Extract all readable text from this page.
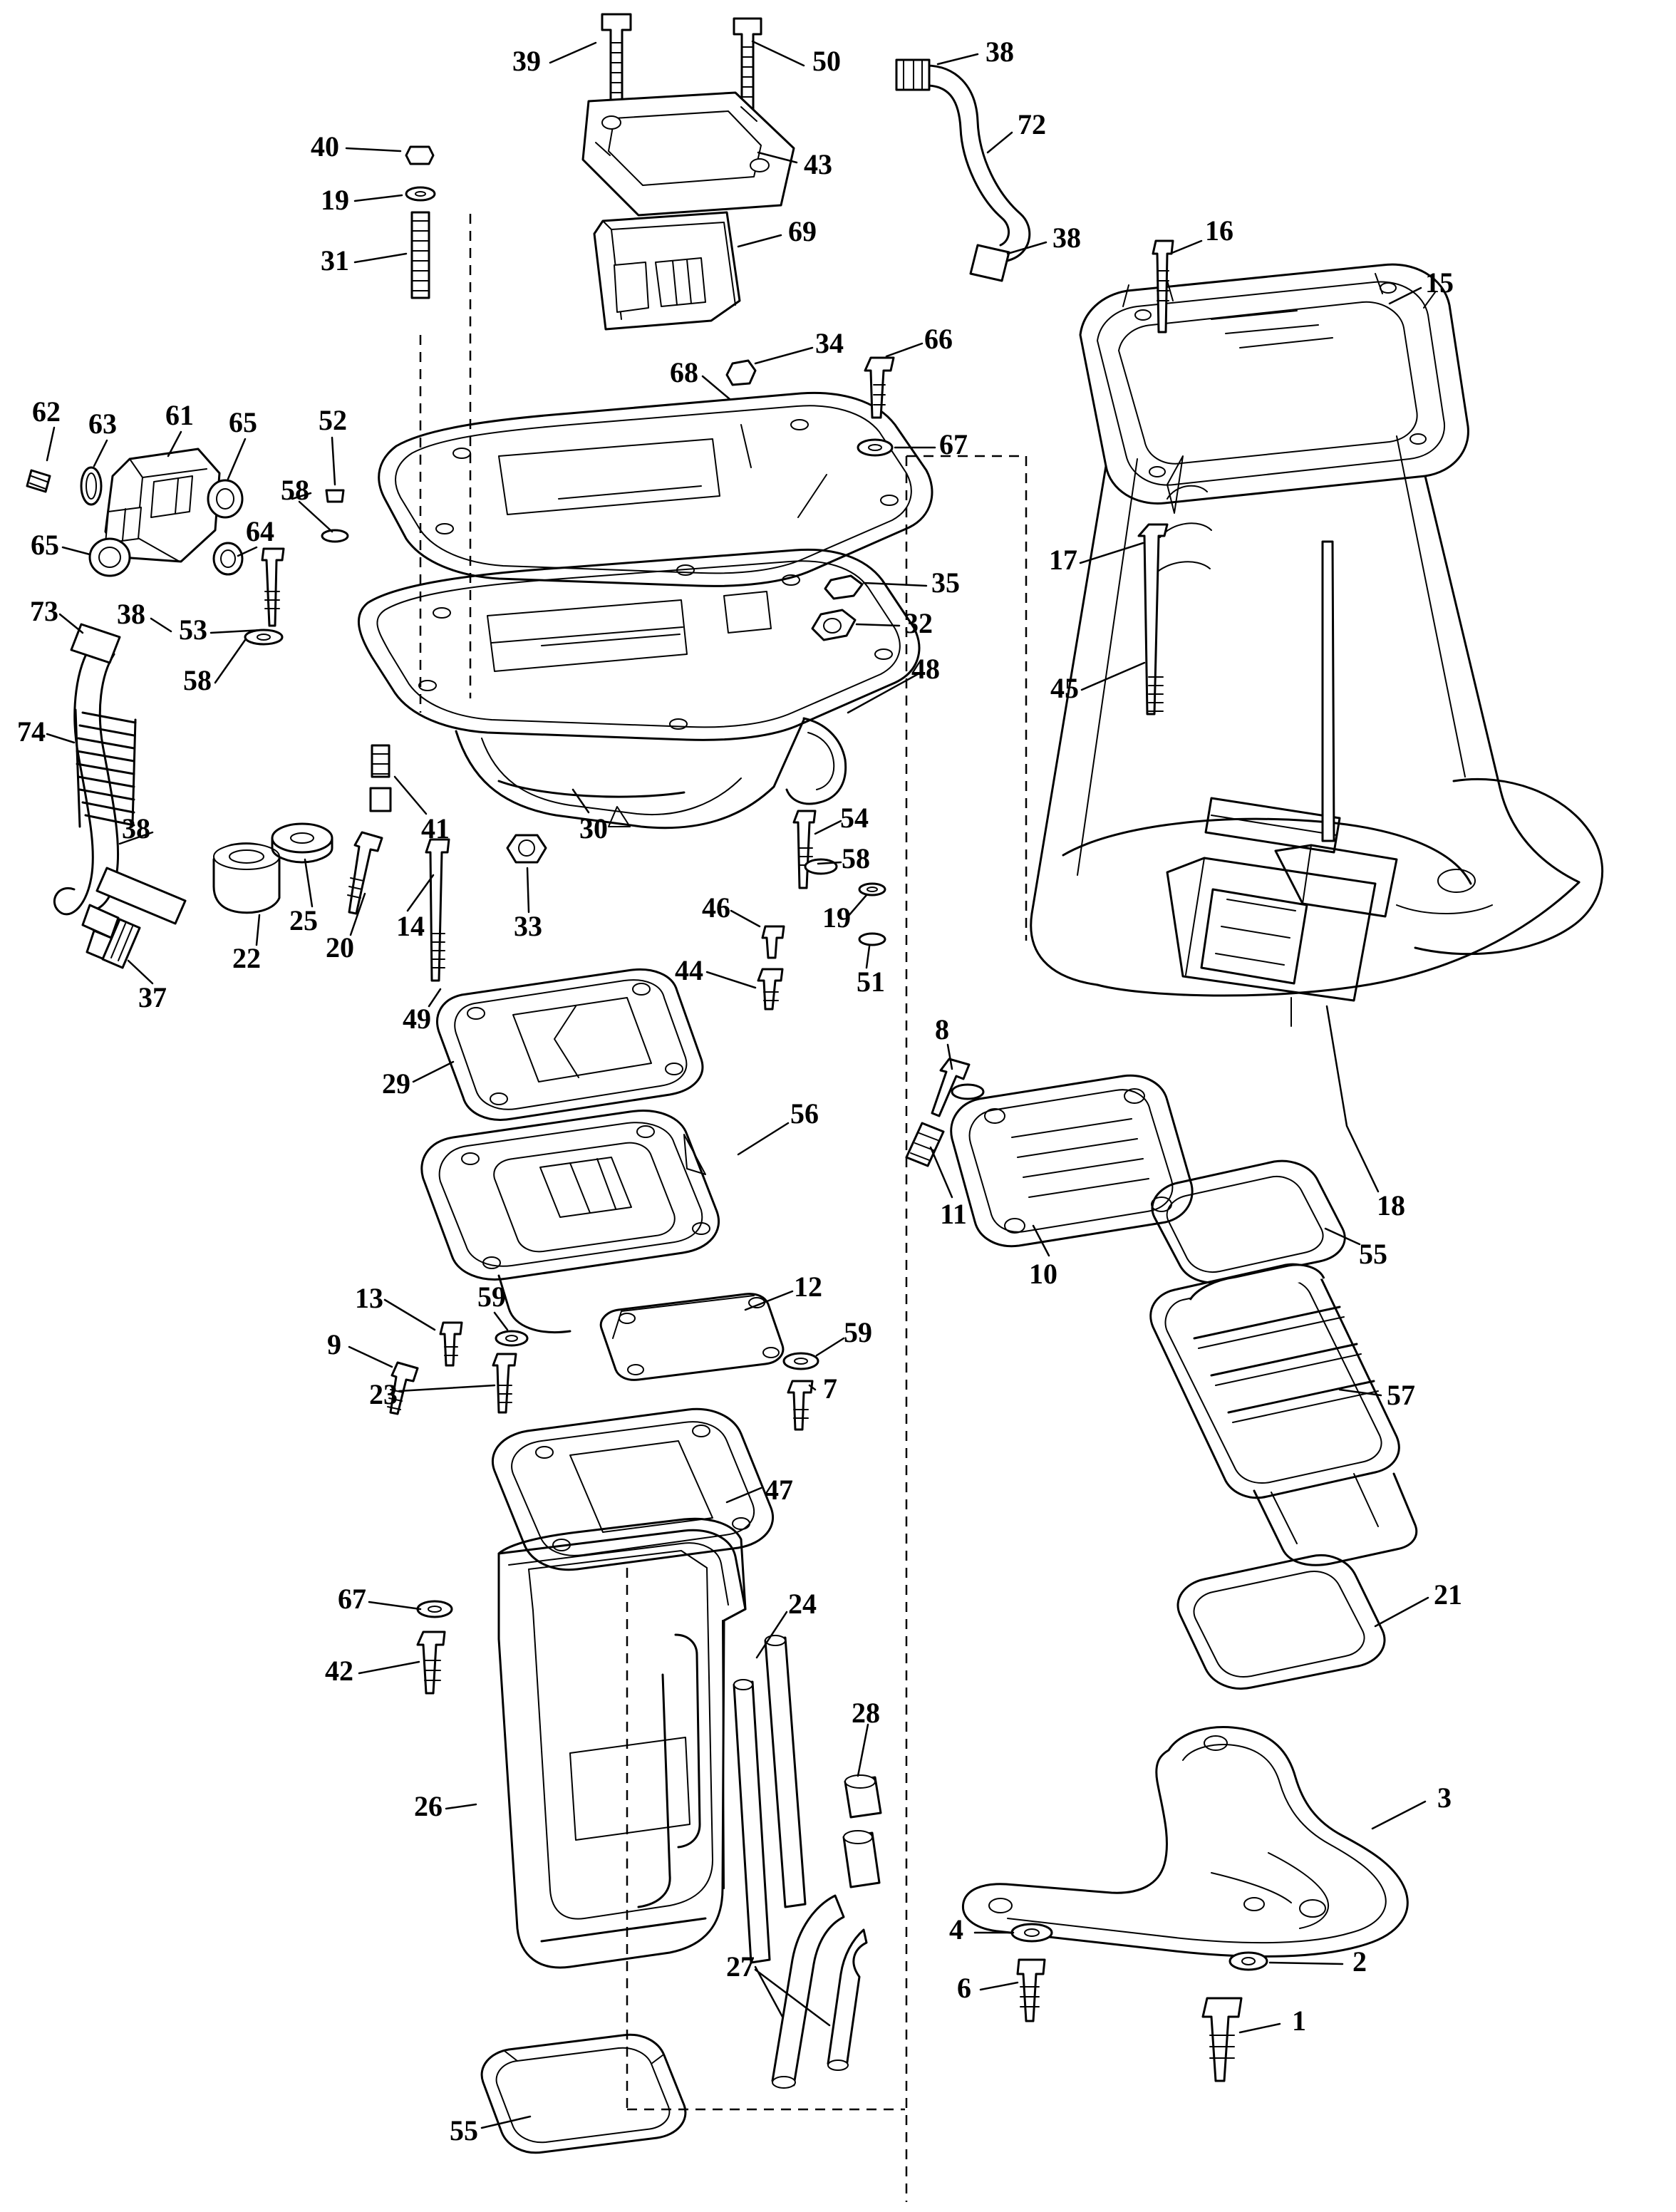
39	50	38
72
43
40
19
31
69	38	16
15
34	66
68
67
62 63 61 65 52
58
64
65
35
32
17
73 38 53
58	48
45
74
38	41	30	54
58
25
20
14	33
46	19
22
37
44	51
49
29
8
11
10
18
55
56
57
13	59	12
59
9
23	7
47
21
67
42
24
28
26	3
27
4
6
2
1
55
